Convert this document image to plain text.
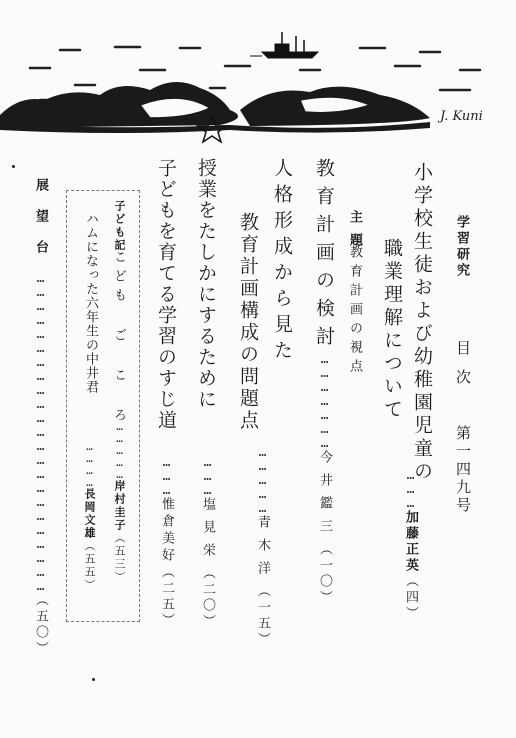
J. Kuni
学習研究
目次
第一四九号
小学校生徒および幼稚園児童の
職業理解について
………加藤正英（四）
主題
教育計画の視点
教育計画の検討
…………………今井鑑三（一〇）
人格形成から見た
教育計画構成の問題点
……………青木洋（一五）
授業をたしかにするために
………塩見栄（二〇）
子どもを育てる学習のすじ道
………惟倉美好（二五）
子ども記
こども ご こ ろ
……………岸村圭子（五三）
ハムになった六年生の中井君
…………長岡文雄（五五）
展望台……………………………………………………………（五〇）
